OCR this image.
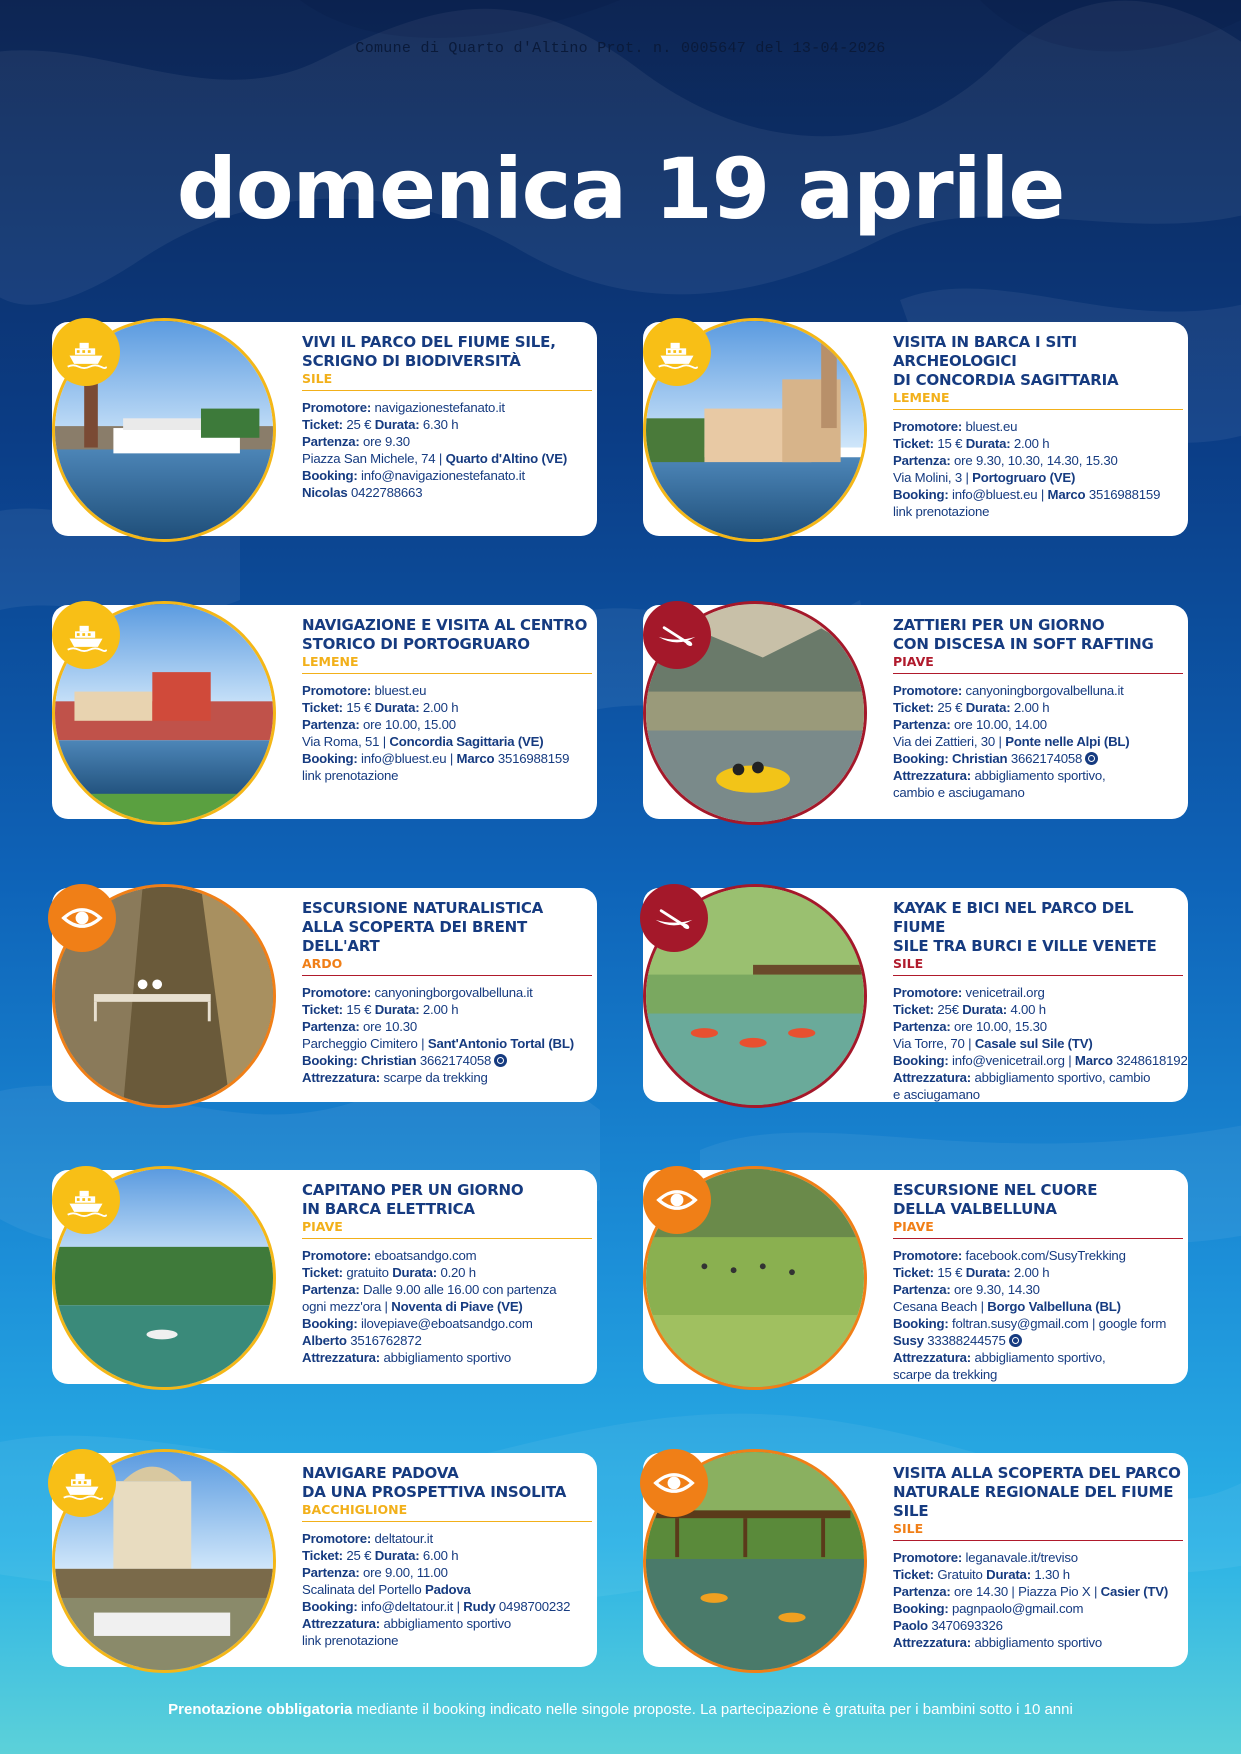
Comune di Quarto d'Altino Prot. n. 0005647 del 13-04-2026
domenica 19 aprile
VIVI IL PARCO DEL FIUME SILE,
SCRIGNO DI BIODIVERSITÀ
SILE
Promotore: navigazionestefanato.it
Ticket: 25 € Durata: 6.30 h
Partenza: ore 9.30
Piazza San Michele, 74 | Quarto d'Altino (VE)
Booking: info@navigazionestefanato.it
Nicolas 0422788663
VISITA IN BARCA I SITI ARCHEOLOGICI
DI CONCORDIA SAGITTARIA
LEMENE
Promotore: bluest.eu
Ticket: 15 € Durata: 2.00 h
Partenza: ore 9.30, 10.30, 14.30, 15.30
Via Molini, 3 | Portogruaro (VE)
Booking: info@bluest.eu | Marco 3516988159
link prenotazione
NAVIGAZIONE E VISITA AL CENTRO
STORICO DI PORTOGRUARO
LEMENE
Promotore: bluest.eu
Ticket: 15 € Durata: 2.00 h
Partenza: ore 10.00, 15.00
Via Roma, 51 | Concordia Sagittaria (VE)
Booking: info@bluest.eu | Marco 3516988159
link prenotazione
ZATTIERI PER UN GIORNO
CON DISCESA IN SOFT RAFTING
PIAVE
Promotore: canyoningborgovalbelluna.it
Ticket: 25 € Durata: 2.00 h
Partenza: ore 10.00, 14.00
Via dei Zattieri, 30 | Ponte nelle Alpi (BL)
Booking: Christian 3662174058
Attrezzatura: abbigliamento sportivo,
cambio e asciugamano
ESCURSIONE NATURALISTICA
ALLA SCOPERTA DEI BRENT DELL'ART
ARDO
Promotore: canyoningborgovalbelluna.it
Ticket: 15 € Durata: 2.00 h
Partenza: ore 10.30
Parcheggio Cimitero | Sant'Antonio Tortal (BL)
Booking: Christian 3662174058
Attrezzatura: scarpe da trekking
KAYAK E BICI NEL PARCO DEL FIUME
SILE TRA BURCI E VILLE VENETE
SILE
Promotore: venicetrail.org
Ticket: 25€ Durata: 4.00 h
Partenza: ore 10.00, 15.30
Via Torre, 70 | Casale sul Sile (TV)
Booking: info@venicetrail.org | Marco 3248618192
Attrezzatura: abbigliamento sportivo, cambio
e asciugamano
CAPITANO PER UN GIORNO
IN BARCA ELETTRICA
PIAVE
Promotore: eboatsandgo.com
Ticket: gratuito Durata: 0.20 h
Partenza: Dalle 9.00 alle 16.00 con partenza
ogni mezz'ora | Noventa di Piave (VE)
Booking: ilovepiave@eboatsandgo.com
Alberto 3516762872
Attrezzatura: abbigliamento sportivo
ESCURSIONE NEL CUORE
DELLA VALBELLUNA
PIAVE
Promotore: facebook.com/SusyTrekking
Ticket: 15 € Durata: 2.00 h
Partenza: ore 9.30, 14.30
Cesana Beach | Borgo Valbelluna (BL)
Booking: foltran.susy@gmail.com | google form
Susy 33388244575
Attrezzatura: abbigliamento sportivo,
scarpe da trekking
NAVIGARE PADOVA
DA UNA PROSPETTIVA INSOLITA
BACCHIGLIONE
Promotore: deltatour.it
Ticket: 25 € Durata: 6.00 h
Partenza: ore 9.00, 11.00
Scalinata del Portello Padova
Booking: info@deltatour.it | Rudy 0498700232
Attrezzatura: abbigliamento sportivo
link prenotazione
VISITA ALLA SCOPERTA DEL PARCO
NATURALE REGIONALE DEL FIUME SILE
SILE
Promotore: leganavale.it/treviso
Ticket: Gratuito Durata: 1.30 h
Partenza: ore 14.30 | Piazza Pio X | Casier (TV)
Booking: pagnpaolo@gmail.com
Paolo 3470693326
Attrezzatura: abbigliamento sportivo
Prenotazione obbligatoria mediante il booking indicato nelle singole proposte. La partecipazione è gratuita per i bambini sotto i 10 anni
